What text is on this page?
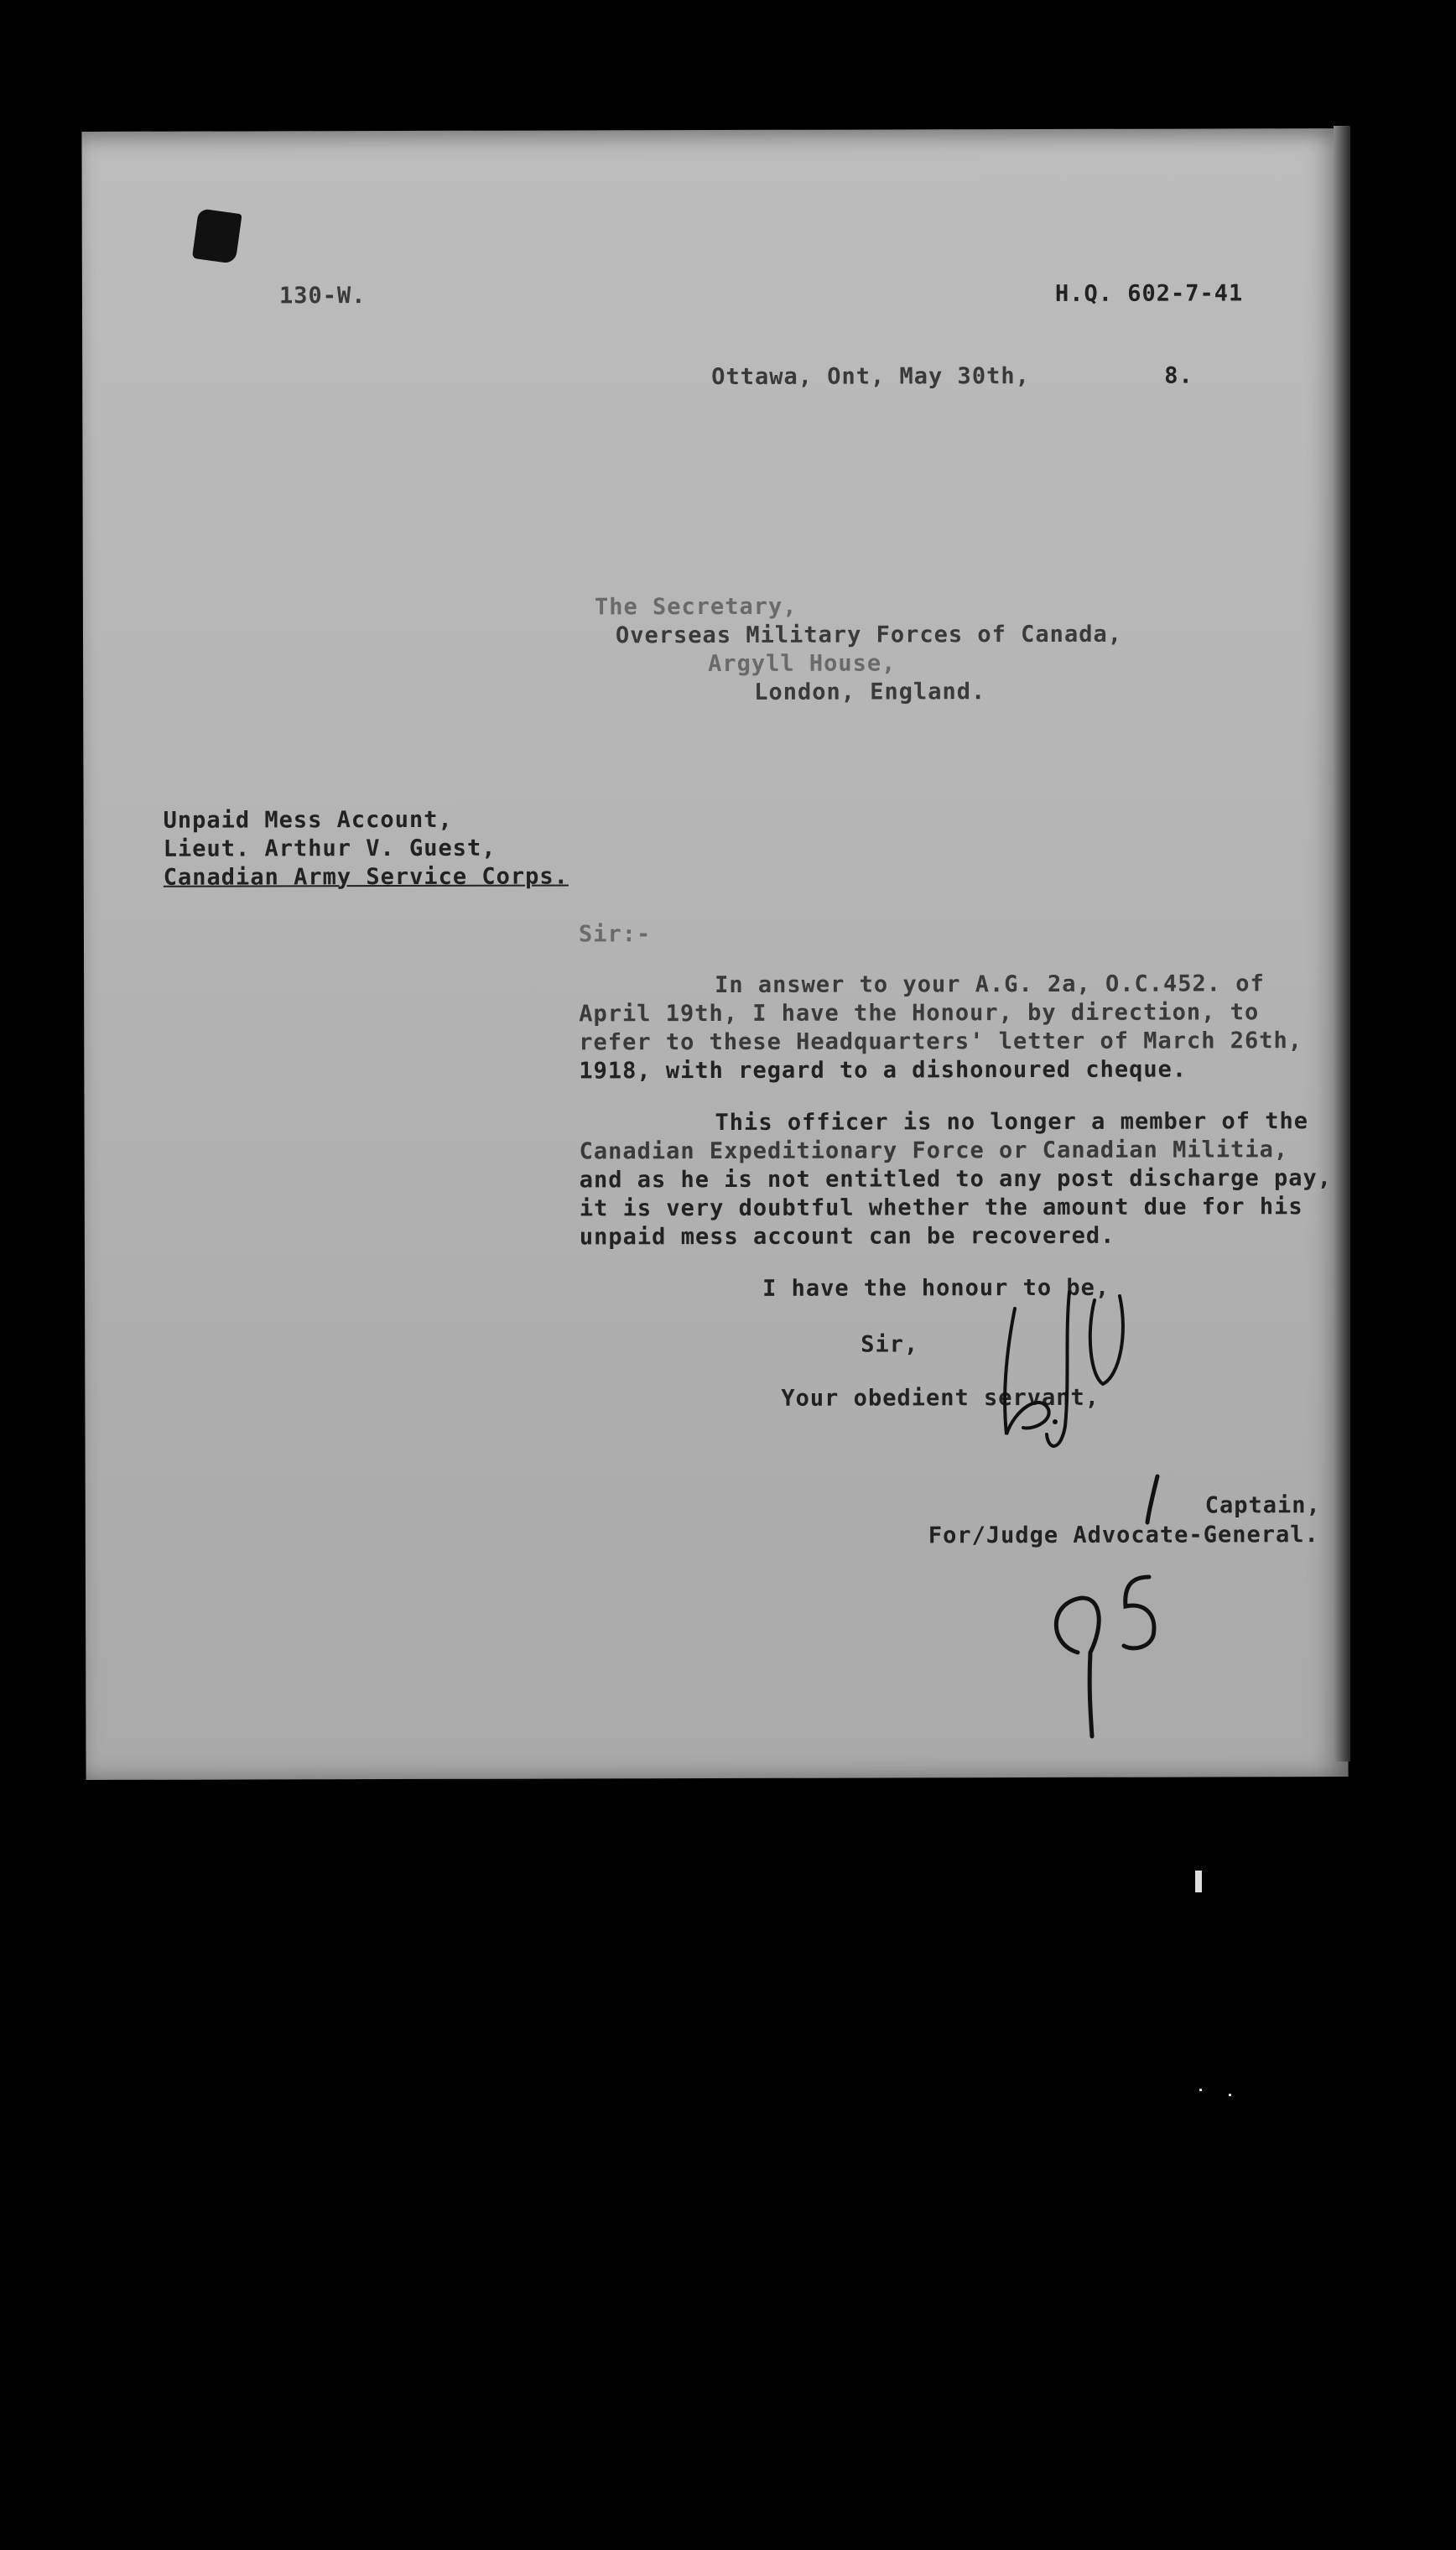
130-W.	H.Q. 602-7-41
Ottawa, Ont, May 30th,	8.
The Secretary,
Overseas Military Forces of Canada,
Argyll House,
London, England.
Unpaid Mess Account,
Lieut. Arthur V. Guest,
Canadian Army Service Corps.
Sir:-
In answer to your A.G. 2a, O.C.452. of
April 19th, I have the Honour, by direction, to
refer to these Headquarters' letter of March 26th,
1918, with regard to a dishonoured cheque.
This officer is no longer a member of the
Canadian Expeditionary Force or Canadian Militia,
and as he is not entitled to any post discharge pay,
it is very doubtful whether the amount due for his
unpaid mess account can be recovered.
I have the honour to be,
Sir,
Your obedient servant,
Captain,
For/Judge Advocate-General.
